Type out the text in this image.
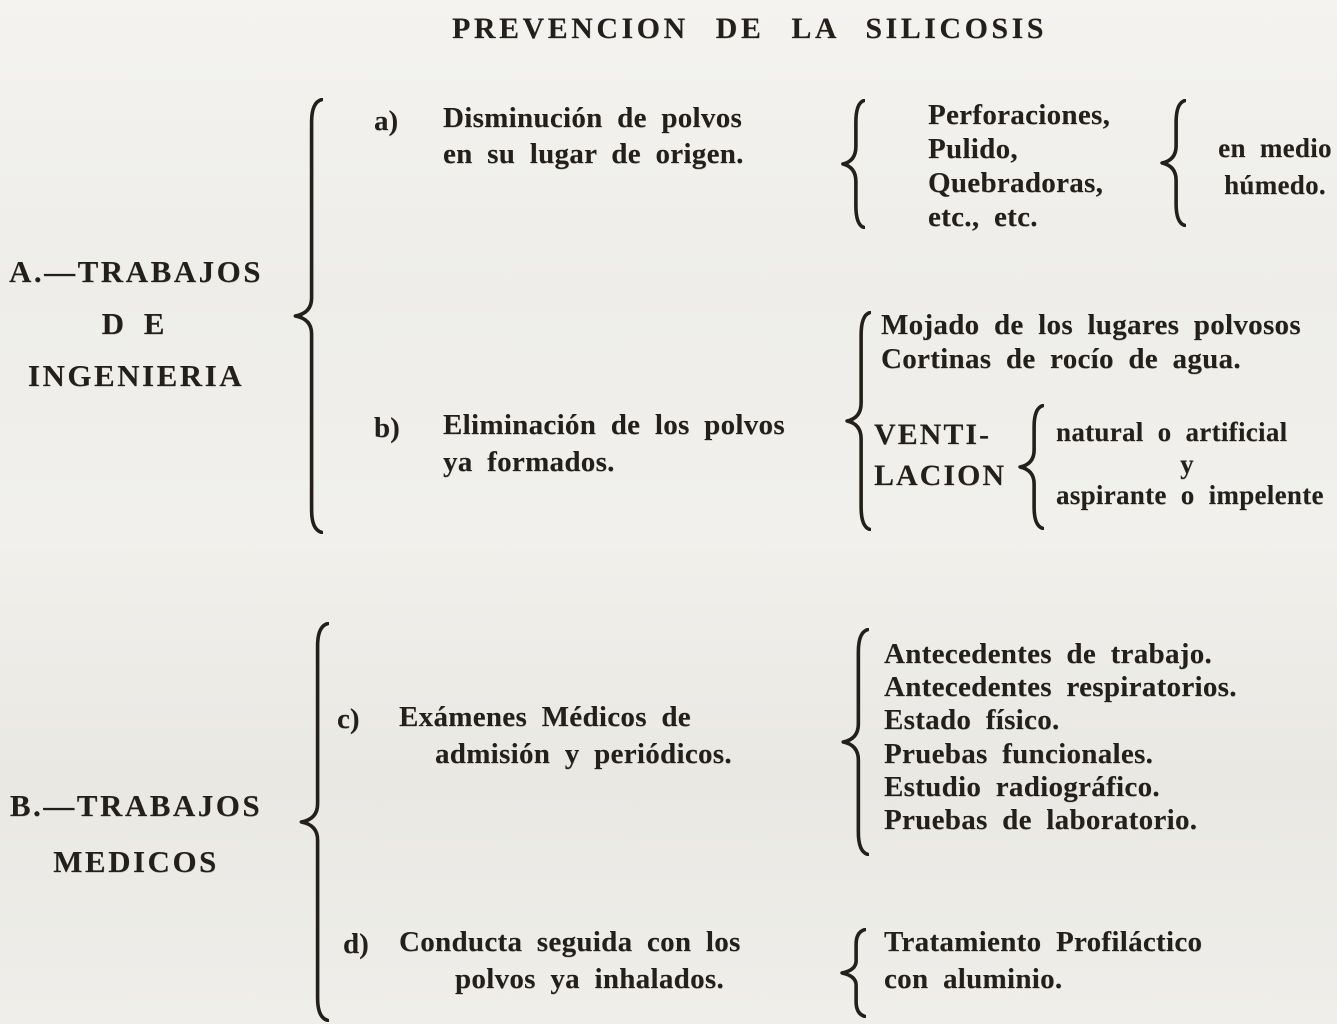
PREVENCION DE LA SILICOSIS
A.—TRABAJOS
D E
INGENIERIA
a) Disminución de polvos
en su lugar de origen.
Perforaciones,
Pulido,
Quebradoras,
etc., etc.
en medio
húmedo.
b) Eliminación de los polvos
ya formados.
Mojado de los lugares polvosos
Cortinas de rocío de agua.
VENTI-
LACION
natural o artificial
y
aspirante o impelente
B.—TRABAJOS
MEDICOS
c) Exámenes Médicos de
admisión y periódicos.
Antecedentes de trabajo.
Antecedentes respiratorios.
Estado físico.
Pruebas funcionales.
Estudio radiográfico.
Pruebas de laboratorio.
d) Conducta seguida con los
polvos ya inhalados.
Tratamiento Profiláctico
con aluminio.
